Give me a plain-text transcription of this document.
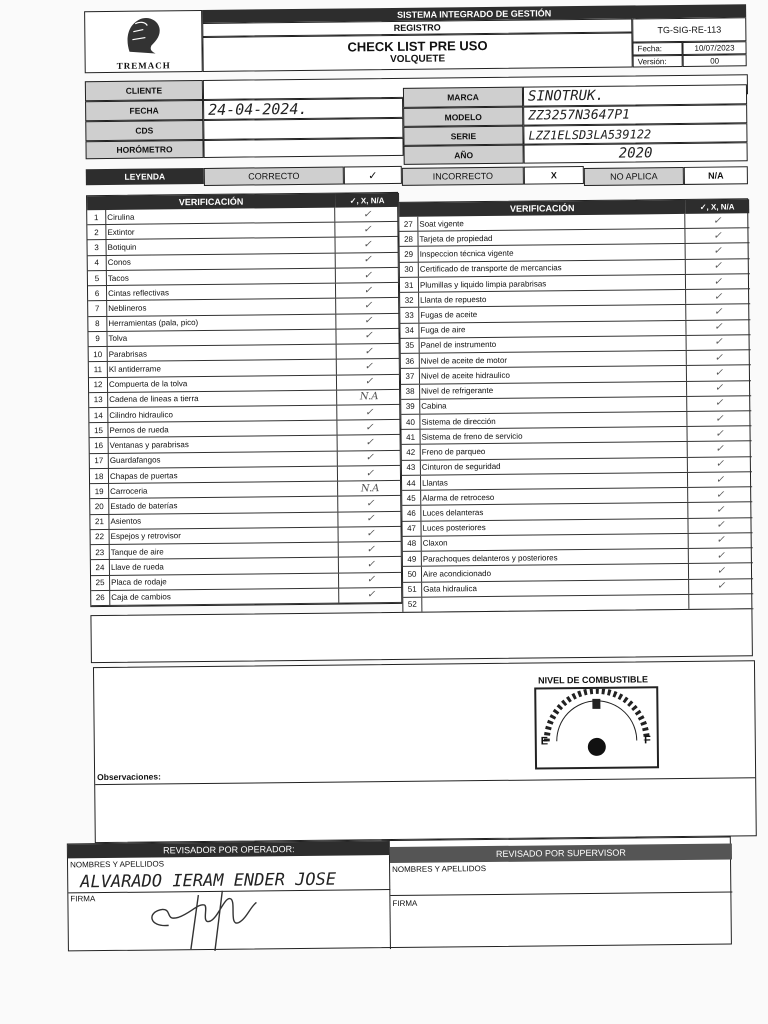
TREMACH
SISTEMA INTEGRADO DE GESTIÓN
REGISTRO
CHECK LIST PRE USO
VOLQUETE
TG-SIG-RE-113
Fecha:	10/07/2023
Versión:	00
CLIENTE
FECHA	24-04-2024.
CDS
HORÓMETRO
MARCA	SINOTRUK.
MODELO	ZZ3257N3647P1
SERIE	LZZ1ELSD3LA539122
AÑO	2020
LEYENDA	CORRECTO	✓	INCORRECTO	X	NO APLICA	N/A
VERIFICACIÓN	✓, X, N/A
1	Cirulina	✓
2	Extintor	✓
3	Botiquin	✓
4	Conos	✓
5	Tacos	✓
6	Cintas reflectivas	✓
7	Neblineros	✓
8	Herramientas (pala, pico)	✓
9	Tolva	✓
10 Parabrisas	✓
11 Kl antiderrame	✓
12 Compuerta de la tolva	✓
13 Cadena de lineas a tierra	N.A
14 Cilindro hidraulico	✓
15 Pernos de rueda	✓
16 Ventanas y parabrisas	✓
17 Guardafangos	✓
18 Chapas de puertas	✓
19 Carroceria	N.A
20 Estado de baterías	✓
21 Asientos	✓
22 Espejos y retrovisor	✓
23 Tanque de aire	✓
24 Llave de rueda	✓
25 Placa de rodaje	✓
26 Caja de cambios	✓
VERIFICACIÓN	✓, X, N/A
27 Soat vigente	✓
28 Tarjeta de propiedad	✓
29 Inspeccion técnica vigente	✓
30 Certificado de transporte de mercancias	✓
31 Plumillas y liquido limpia parabrisas	✓
32 Llanta de repuesto	✓
33 Fugas de aceite	✓
34 Fuga de aire	✓
35 Panel de instrumento	✓
36 Nivel de aceite de motor	✓
37 Nivel de aceite hidraulico	✓
38 Nivel de refrigerante	✓
39 Cabina	✓
40 Sistema de dirección	✓
41 Sistema de freno de servicio	✓
42 Freno de parqueo	✓
43 Cinturon de seguridad	✓
44 Llantas	✓
45 Alarma de retroceso	✓
46 Luces delanteras	✓
47 Luces posteriores	✓
48 Claxon	✓
49 Parachoques delanteros y posteriores	✓
50 Aire acondicionado	✓
51 Gata hidraulica	✓
52
NIVEL DE COMBUSTIBLE
E	F
Observaciones:
REVISADOR POR OPERADOR:	REVISADO POR SUPERVISOR
NOMBRES Y APELLIDOS
ALVARADO IERAM ENDER JOSE
FIRMA
NOMBRES Y APELLIDOS
FIRMA
